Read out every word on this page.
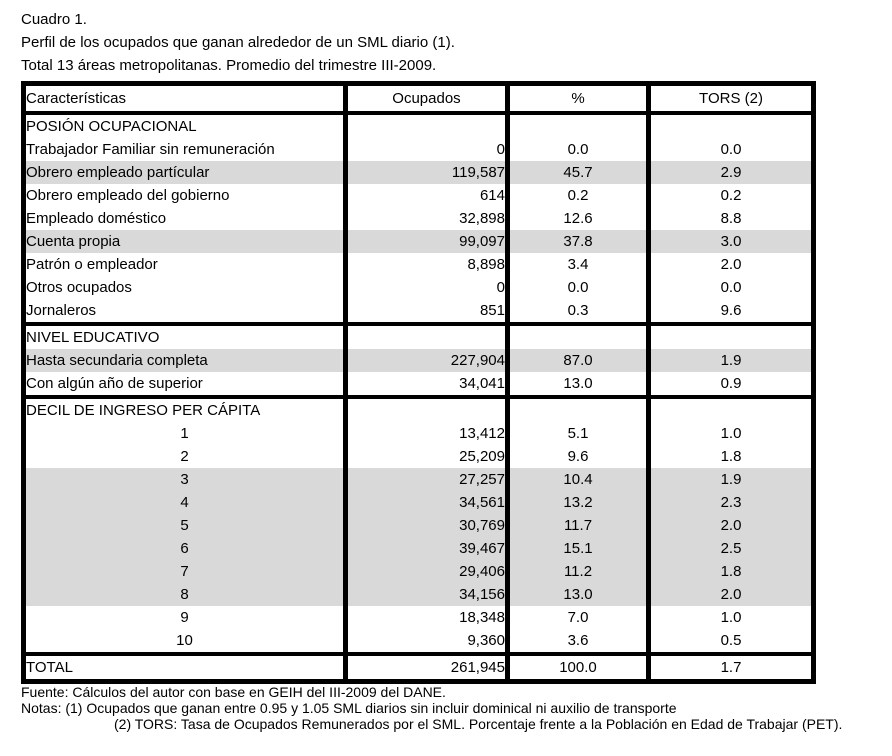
Cuadro 1.

Perfil de los ocupados que ganan alrededor de un SML diario (1).

Total 13 áreas metropolitanas. Promedio del trimestre III-2009.

Características	Ocupados	%	TORS (2)
POSIÓN OCUPACIONAL			
Trabajador Familiar sin remuneración	0	0.0	0.0
Obrero empleado partícular	119,587	45.7	2.9
Obrero empleado del gobierno	614	0.2	0.2
Empleado doméstico	32,898	12.6	8.8
Cuenta propia	99,097	37.8	3.0
Patrón o empleador	8,898	3.4	2.0
Otros ocupados	0	0.0	0.0
Jornaleros	851	0.3	9.6
NIVEL EDUCATIVO			
Hasta secundaria completa	227,904	87.0	1.9
Con algún año de superior	34,041	13.0	0.9
DECIL DE INGRESO PER CÁPITA			
1	13,412	5.1	1.0
2	25,209	9.6	1.8
3	27,257	10.4	1.9
4	34,561	13.2	2.3
5	30,769	11.7	2.0
6	39,467	15.1	2.5
7	29,406	11.2	1.8
8	34,156	13.0	2.0
9	18,348	7.0	1.0
10	9,360	3.6	0.5
TOTAL	261,945	100.0	1.7

Fuente: Cálculos del autor con base en GEIH del III-2009 del DANE.

Notas: (1) Ocupados que ganan entre 0.95 y 1.05 SML diarios sin incluir dominical ni auxilio de transporte

(2) TORS: Tasa de Ocupados Remunerados por el SML. Porcentaje frente a la Población en Edad de Trabajar (PET).
